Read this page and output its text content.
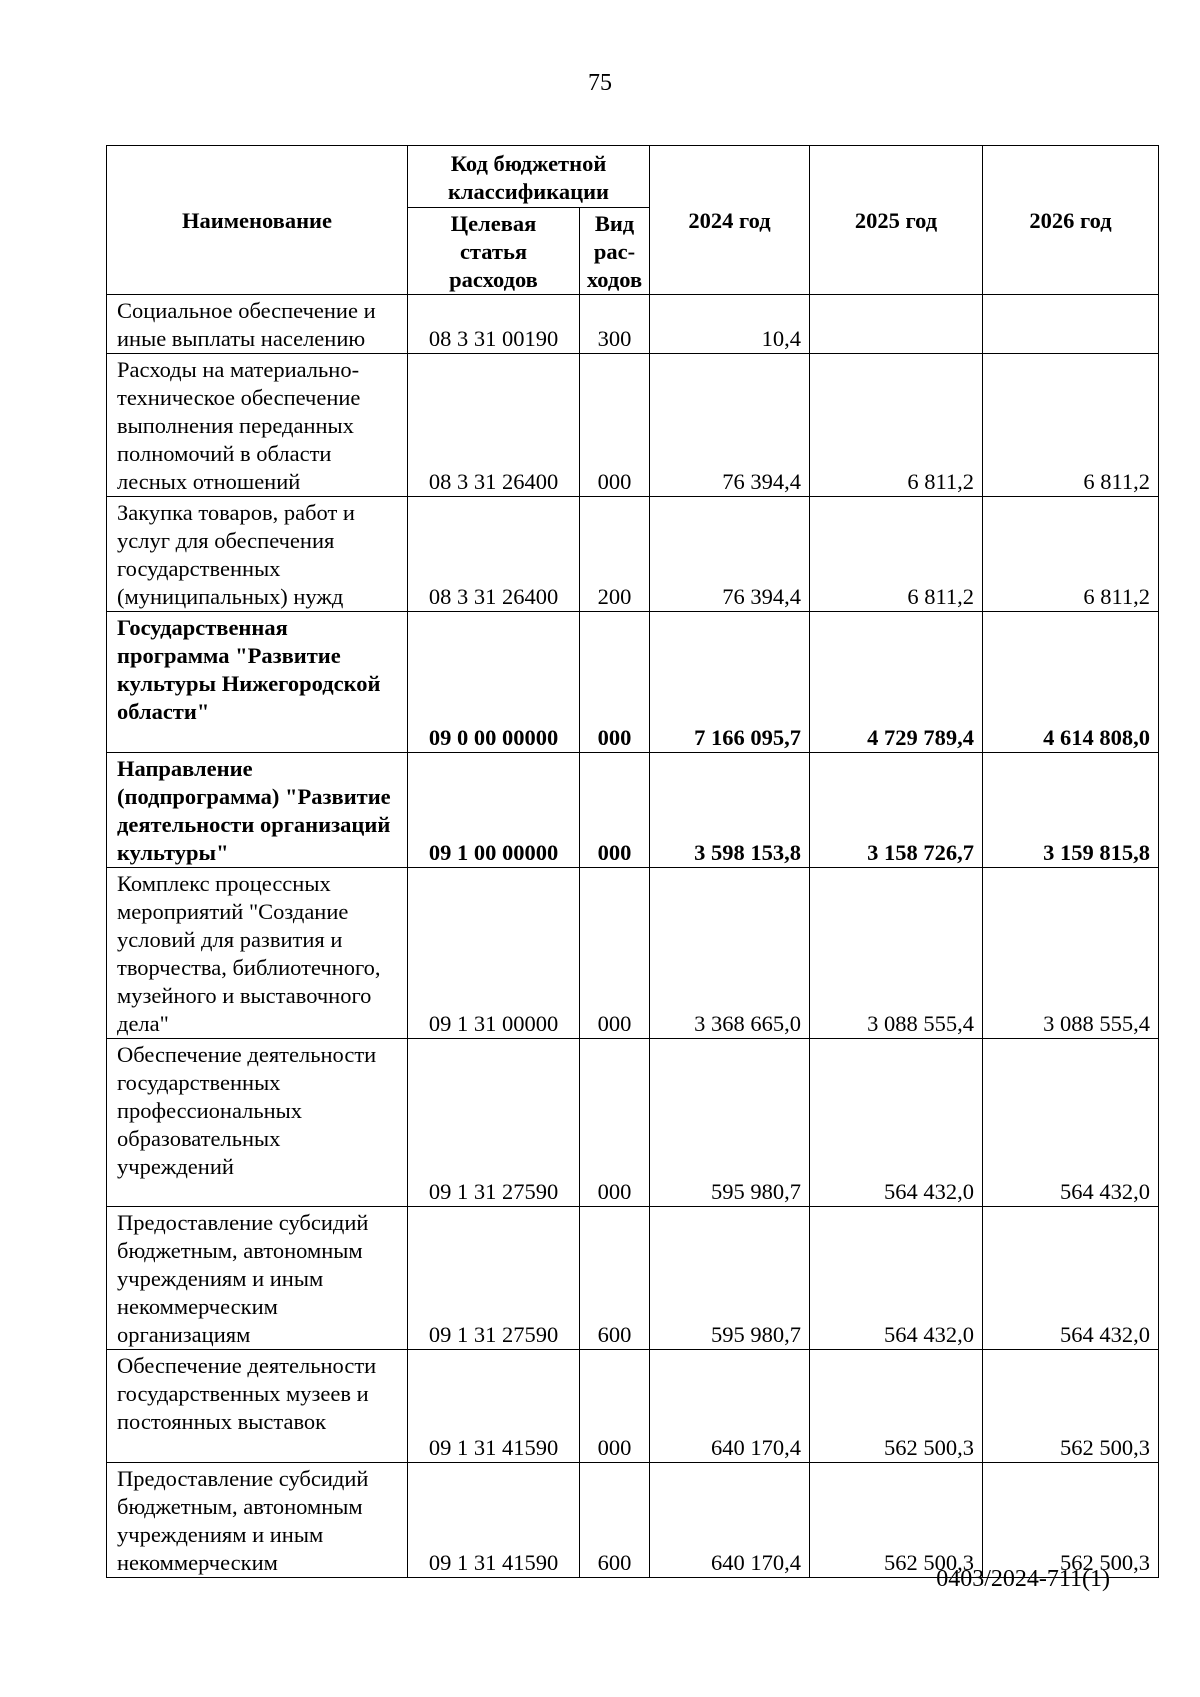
75
Наименование	Код бюджетной классификации		2024 год	2025 год	2026 год
	Целевая статья расходов	Вид рас-ходов			
Социальное обеспечение и иные выплаты населению	08 3 31 00190	300	10,4		
Расходы на материально-техническое обеспечение выполнения переданных полномочий в области лесных отношений	08 3 31 26400	000	76 394,4	6 811,2	6 811,2
Закупка товаров, работ и услуг для обеспечения государственных (муниципальных) нужд	08 3 31 26400	200	76 394,4	6 811,2	6 811,2
Государственная программа "Развитие культуры Нижегородской области"	09 0 00 00000	000	7 166 095,7	4 729 789,4	4 614 808,0
Направление (подпрограмма) "Развитие деятельности организаций культуры"	09 1 00 00000	000	3 598 153,8	3 158 726,7	3 159 815,8
Комплекс процессных мероприятий "Создание условий для развития и творчества, библиотечного, музейного и выставочного дела"	09 1 31 00000	000	3 368 665,0	3 088 555,4	3 088 555,4
Обеспечение деятельности государственных профессиональных образовательных учреждений	09 1 31 27590	000	595 980,7	564 432,0	564 432,0
Предоставление субсидий бюджетным, автономным учреждениям и иным некоммерческим организациям	09 1 31 27590	600	595 980,7	564 432,0	564 432,0
Обеспечение деятельности государственных музеев и постоянных выставок	09 1 31 41590	000	640 170,4	562 500,3	562 500,3
Предоставление субсидий бюджетным, автономным учреждениям и иным некоммерческим	09 1 31 41590	600	640 170,4	562 500,3	562 500,3
0403/2024-711(1)
